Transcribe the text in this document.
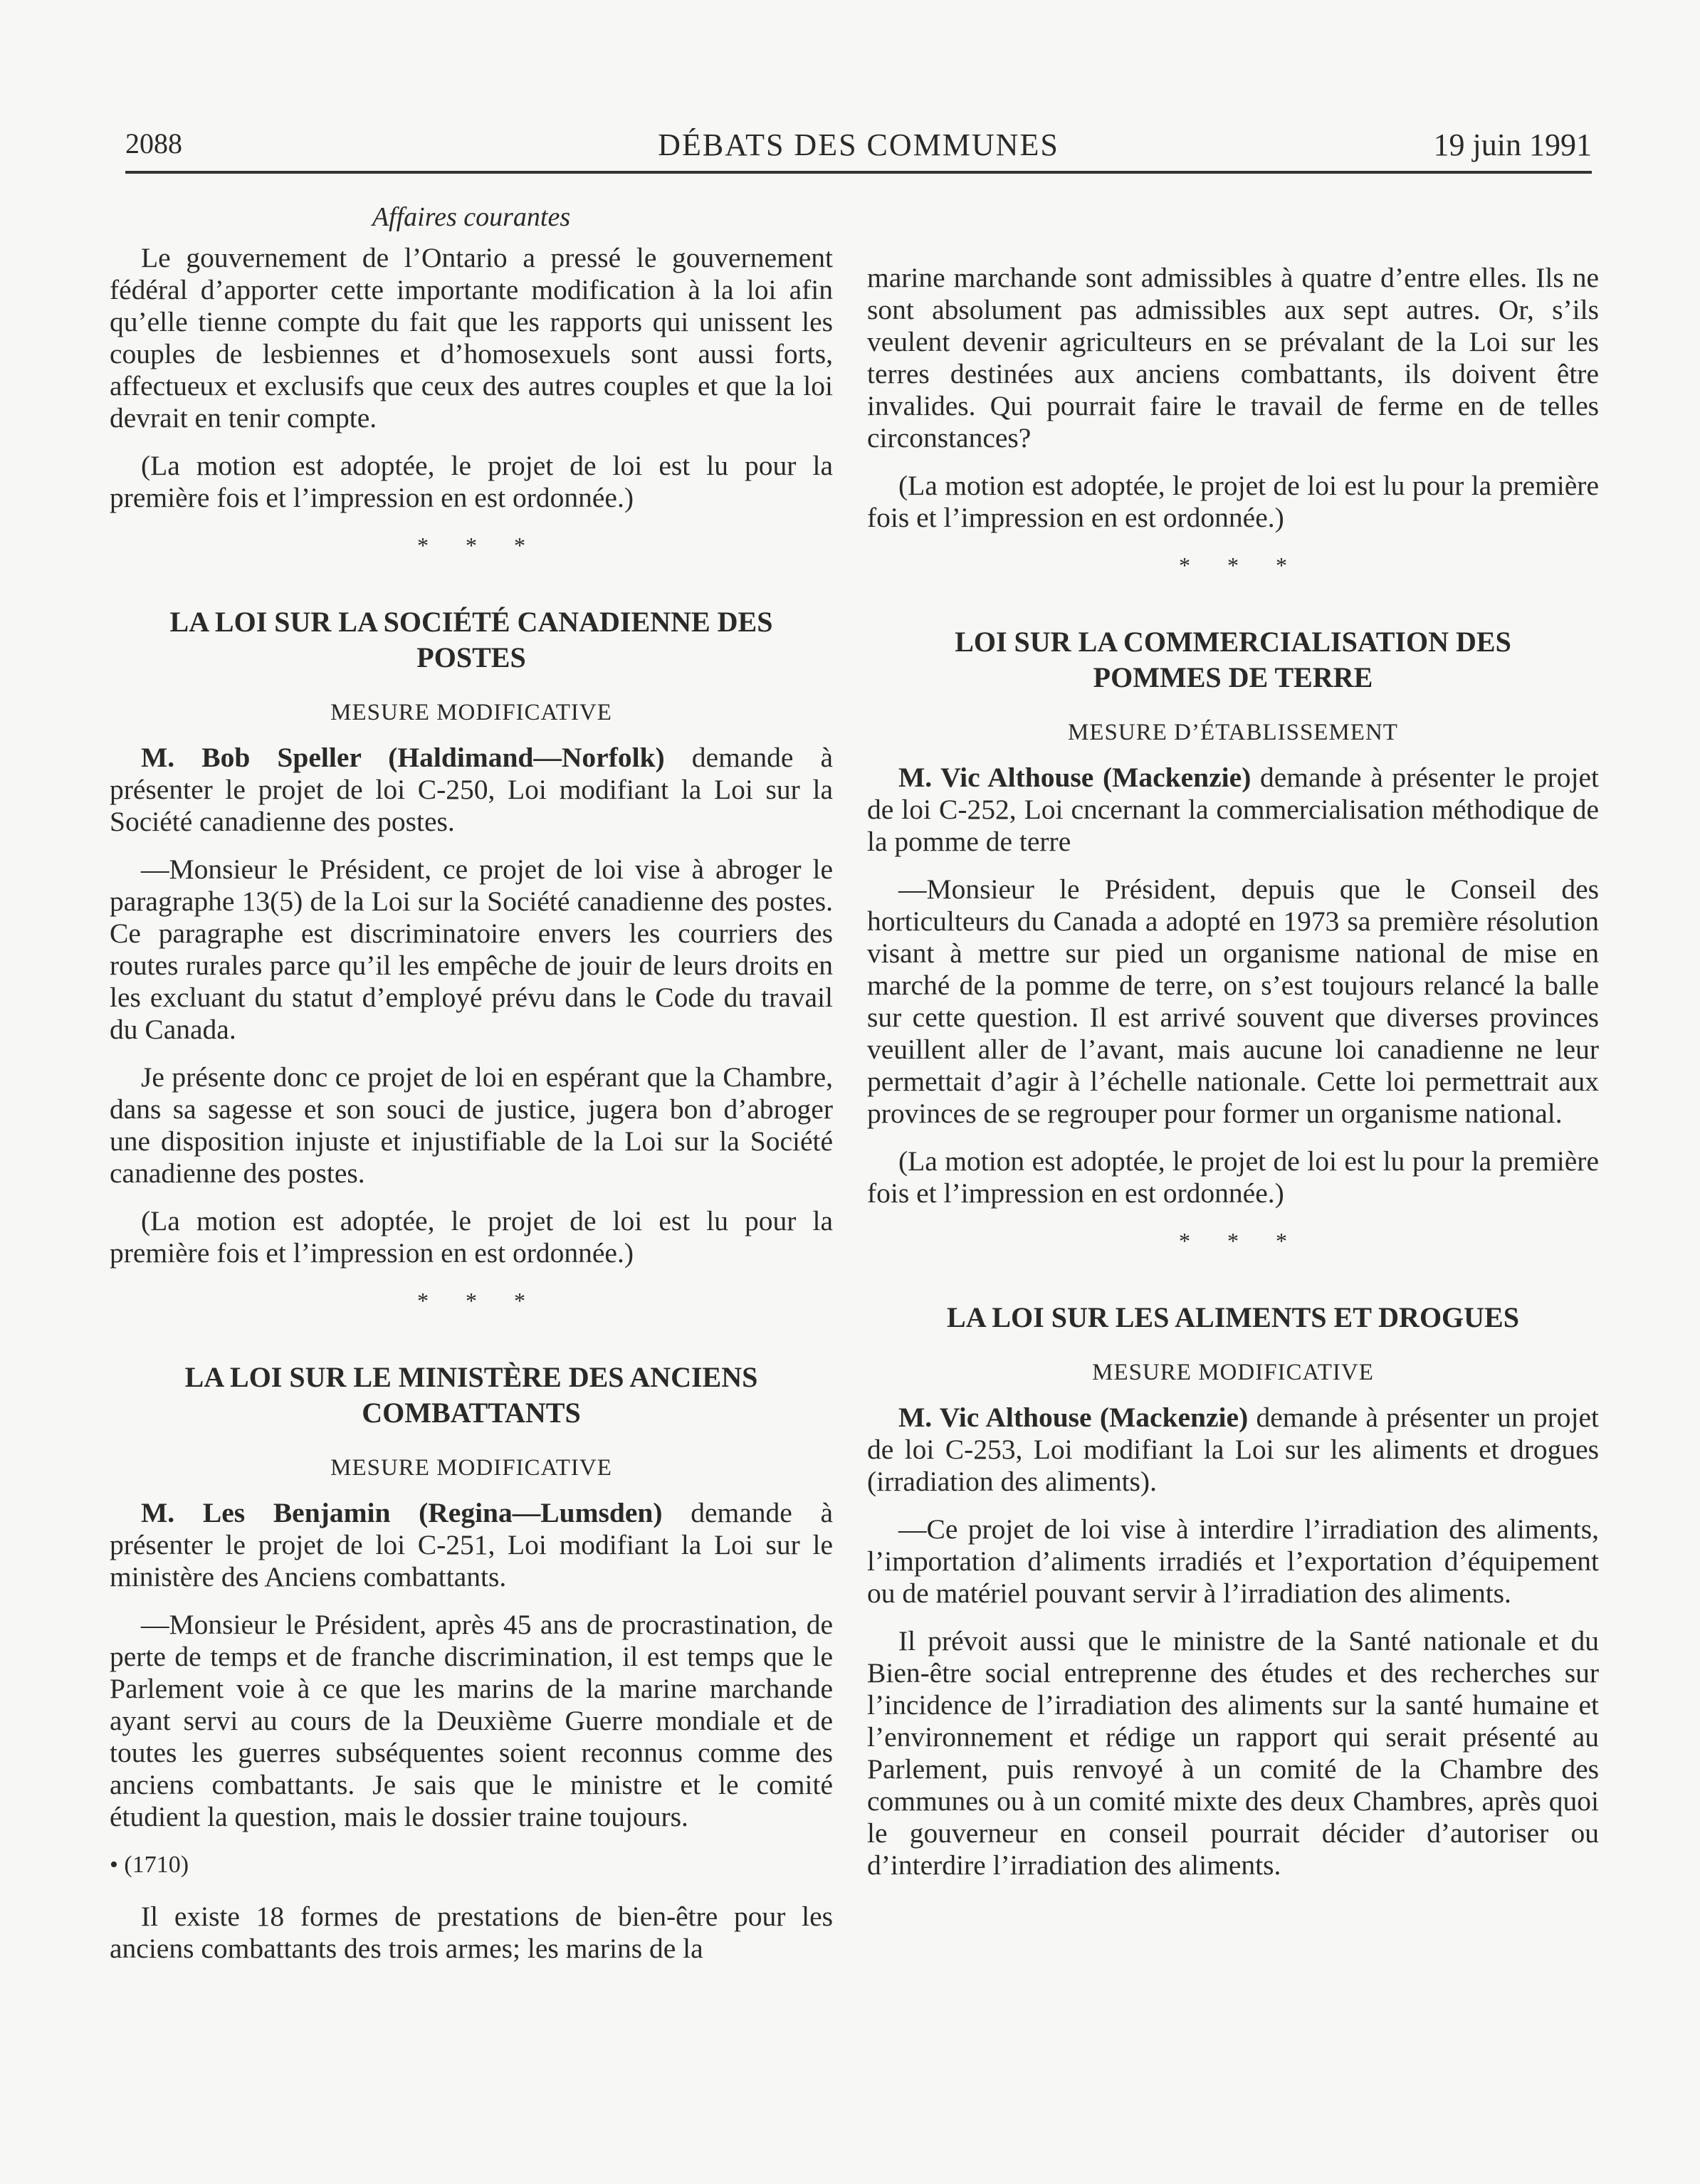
2088	DÉBATS DES COMMUNES	19 juin 1991
Affaires courantes

Le gouvernement de l’Ontario a pressé le gouvernement fédéral d’apporter cette importante modification à la loi afin qu’elle tienne compte du fait que les rapports qui unissent les couples de lesbiennes et d’homosexuels sont aussi forts, affectueux et exclusifs que ceux des autres couples et que la loi devrait en tenir compte.

(La motion est adoptée, le projet de loi est lu pour la première fois et l’impression en est ordonnée.)

* * *
LA LOI SUR LA SOCIÉTÉ CANADIENNE DES POSTES
MESURE MODIFICATIVE

M. Bob Speller (Haldimand—Norfolk) demande à présenter le projet de loi C-250, Loi modifiant la Loi sur la Société canadienne des postes.

—Monsieur le Président, ce projet de loi vise à abroger le paragraphe 13(5) de la Loi sur la Société canadienne des postes. Ce paragraphe est discriminatoire envers les courriers des routes rurales parce qu’il les empêche de jouir de leurs droits en les excluant du statut d’employé prévu dans le Code du travail du Canada.

Je présente donc ce projet de loi en espérant que la Chambre, dans sa sagesse et son souci de justice, jugera bon d’abroger une disposition injuste et injustifiable de la Loi sur la Société canadienne des postes.

(La motion est adoptée, le projet de loi est lu pour la première fois et l’impression en est ordonnée.)

* * *
LA LOI SUR LE MINISTÈRE DES ANCIENS COMBATTANTS
MESURE MODIFICATIVE

M. Les Benjamin (Regina—Lumsden) demande à présenter le projet de loi C-251, Loi modifiant la Loi sur le ministère des Anciens combattants.

—Monsieur le Président, après 45 ans de procrastination, de perte de temps et de franche discrimination, il est temps que le Parlement voie à ce que les marins de la marine marchande ayant servi au cours de la Deuxième Guerre mondiale et de toutes les guerres subséquentes soient reconnus comme des anciens combattants. Je sais que le ministre et le comité étudient la question, mais le dossier traine toujours.

• (1710)

Il existe 18 formes de prestations de bien-être pour les anciens combattants des trois armes; les marins de la

marine marchande sont admissibles à quatre d’entre elles. Ils ne sont absolument pas admissibles aux sept autres. Or, s’ils veulent devenir agriculteurs en se prévalant de la Loi sur les terres destinées aux anciens combattants, ils doivent être invalides. Qui pourrait faire le travail de ferme en de telles circonstances?

(La motion est adoptée, le projet de loi est lu pour la première fois et l’impression en est ordonnée.)

* * *
LOI SUR LA COMMERCIALISATION DES POMMES DE TERRE
MESURE D’ÉTABLISSEMENT

M. Vic Althouse (Mackenzie) demande à présenter le projet de loi C-252, Loi cncernant la commercialisation méthodique de la pomme de terre

—Monsieur le Président, depuis que le Conseil des horticulteurs du Canada a adopté en 1973 sa première résolution visant à mettre sur pied un organisme national de mise en marché de la pomme de terre, on s’est toujours relancé la balle sur cette question. Il est arrivé souvent que diverses provinces veuillent aller de l’avant, mais aucune loi canadienne ne leur permettait d’agir à l’échelle nationale. Cette loi permettrait aux provinces de se regrouper pour former un organisme national.

(La motion est adoptée, le projet de loi est lu pour la première fois et l’impression en est ordonnée.)

* * *
LA LOI SUR LES ALIMENTS ET DROGUES
MESURE MODIFICATIVE

M. Vic Althouse (Mackenzie) demande à présenter un projet de loi C-253, Loi modifiant la Loi sur les aliments et drogues (irradiation des aliments).

—Ce projet de loi vise à interdire l’irradiation des aliments, l’importation d’aliments irradiés et l’exportation d’équipement ou de matériel pouvant servir à l’irradiation des aliments.

Il prévoit aussi que le ministre de la Santé nationale et du Bien-être social entreprenne des études et des recherches sur l’incidence de l’irradiation des aliments sur la santé humaine et l’environnement et rédige un rapport qui serait présenté au Parlement, puis renvoyé à un comité de la Chambre des communes ou à un comité mixte des deux Chambres, après quoi le gouverneur en conseil pourrait décider d’autoriser ou d’interdire l’irradiation des aliments.
